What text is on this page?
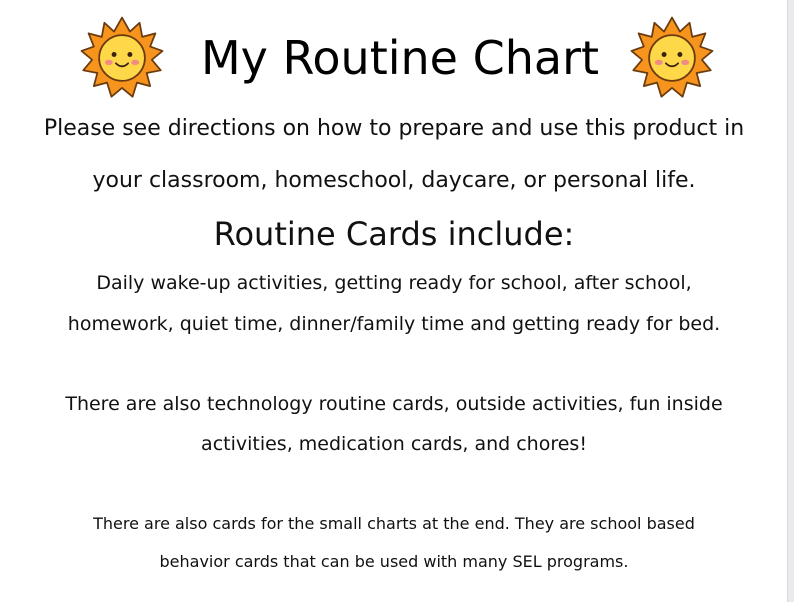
My Routine Chart
Please see directions on how to prepare and use this product in
your classroom, homeschool, daycare, or personal life.
Routine Cards include:
Daily wake-up activities, getting ready for school, after school,
homework, quiet time, dinner/family time and getting ready for bed.
There are also technology routine cards, outside activities, fun inside
activities, medication cards, and chores!
There are also cards for the small charts at the end. They are school based
behavior cards that can be used with many SEL programs.
